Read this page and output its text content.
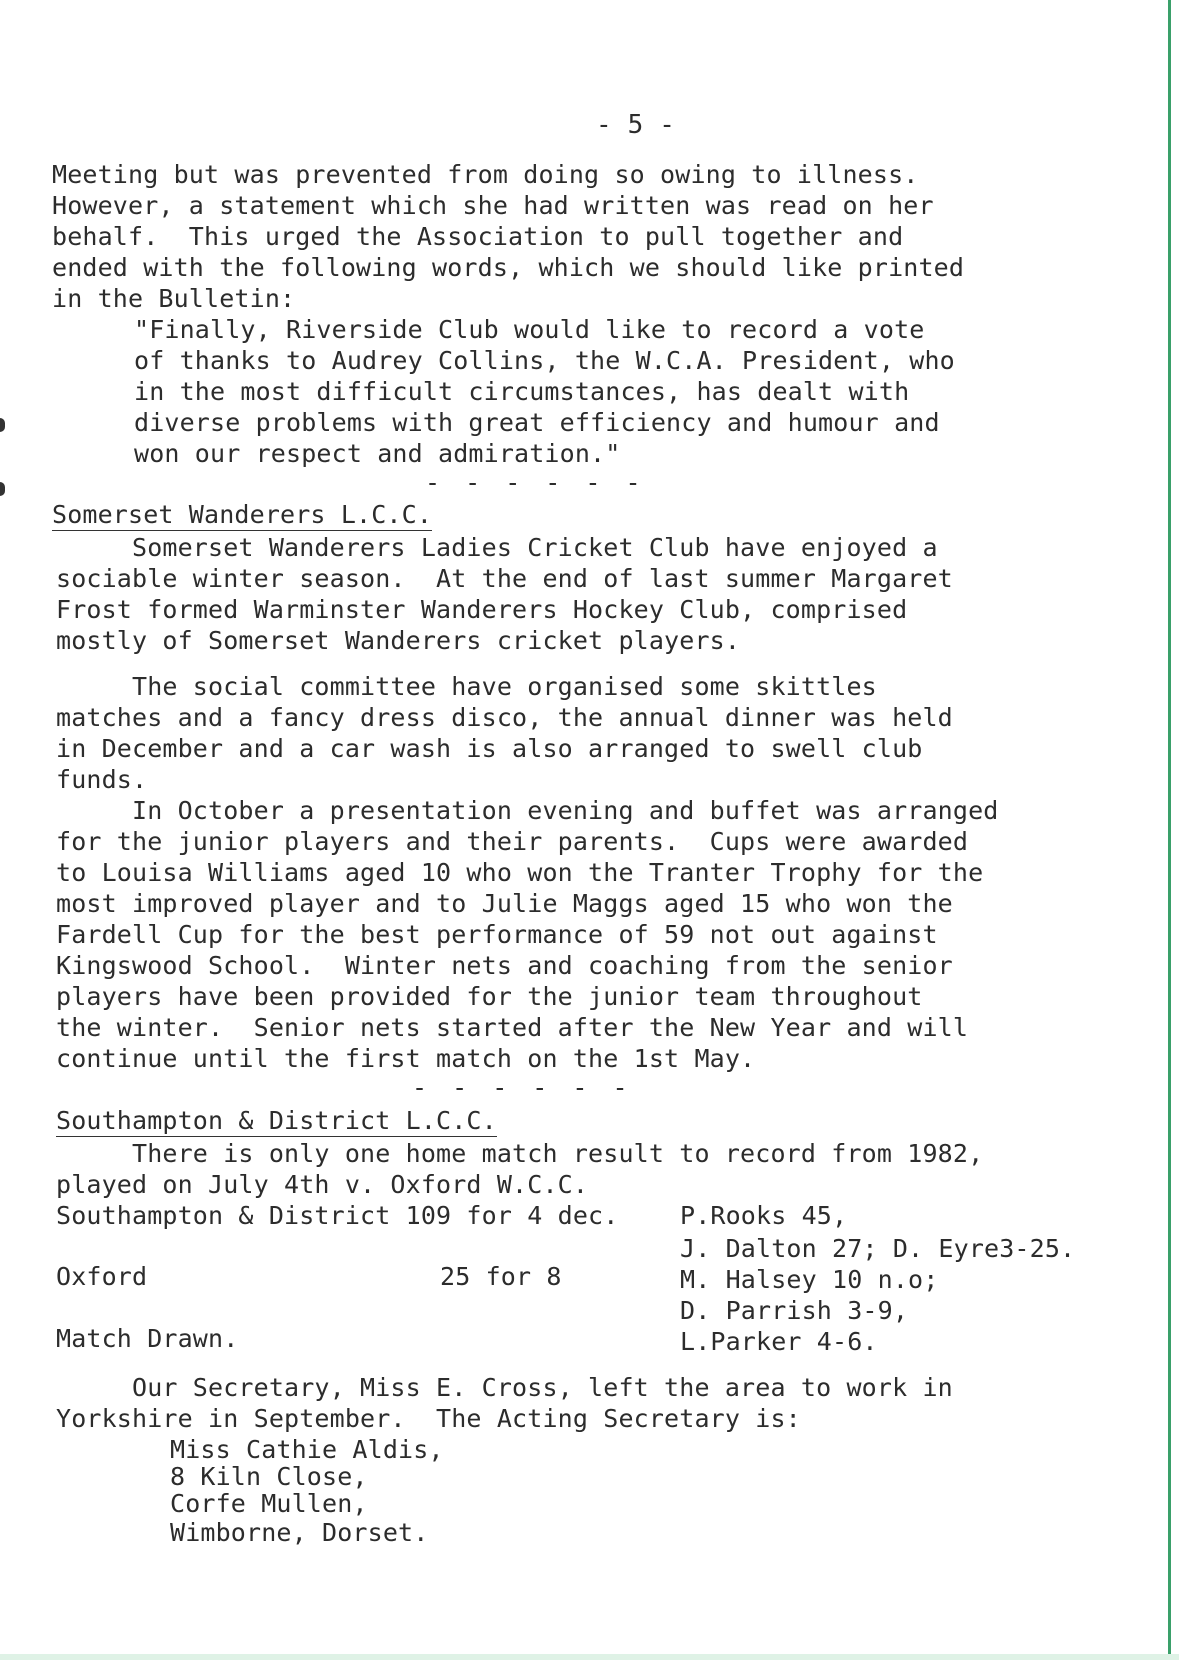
- 5 -
Meeting but was prevented from doing so owing to illness.
However, a statement which she had written was read on her
behalf.  This urged the Association to pull together and
ended with the following words, which we should like printed
in the Bulletin:
"Finally, Riverside Club would like to record a vote
of thanks to Audrey Collins, the W.C.A. President, who
in the most difficult circumstances, has dealt with
diverse problems with great efficiency and humour and
won our respect and admiration."
- - - - - -
Somerset Wanderers L.C.C.
Somerset Wanderers Ladies Cricket Club have enjoyed a
sociable winter season.  At the end of last summer Margaret
Frost formed Warminster Wanderers Hockey Club, comprised
mostly of Somerset Wanderers cricket players.
The social committee have organised some skittles
matches and a fancy dress disco, the annual dinner was held
in December and a car wash is also arranged to swell club
funds.
In October a presentation evening and buffet was arranged
for the junior players and their parents.  Cups were awarded
to Louisa Williams aged 10 who won the Tranter Trophy for the
most improved player and to Julie Maggs aged 15 who won the
Fardell Cup for the best performance of 59 not out against
Kingswood School.  Winter nets and coaching from the senior
players have been provided for the junior team throughout
the winter.  Senior nets started after the New Year and will
continue until the first match on the 1st May.
- - - - - -
Southampton & District L.C.C.
There is only one home match result to record from 1982,
played on July 4th v. Oxford W.C.C.
Southampton & District 109 for 4 dec. P.Rooks 45,
J. Dalton 27; D. Eyre3-25.
Oxford	25 for 8	M. Halsey 10 n.o;
D. Parrish 3-9,
L.Parker 4-6.
Match Drawn.
Our Secretary, Miss E. Cross, left the area to work in
Yorkshire in September.  The Acting Secretary is:
Miss Cathie Aldis,
8 Kiln Close,
Corfe Mullen,
Wimborne, Dorset.
